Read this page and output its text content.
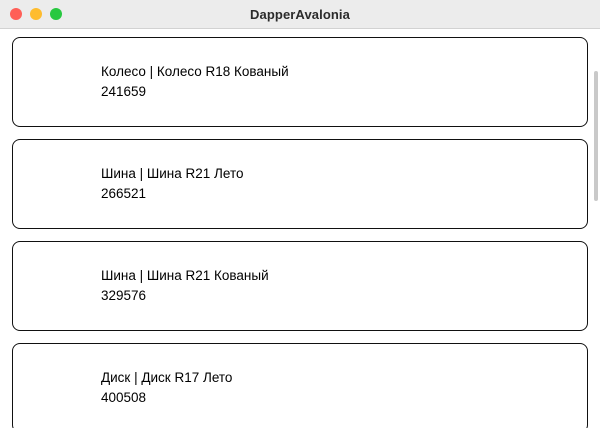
DapperAvalonia
Колесо | Колесо R18 Кованый
241659
Шина | Шина R21 Лето
266521
Шина | Шина R21 Кованый
329576
Диск | Диск R17 Лето
400508
